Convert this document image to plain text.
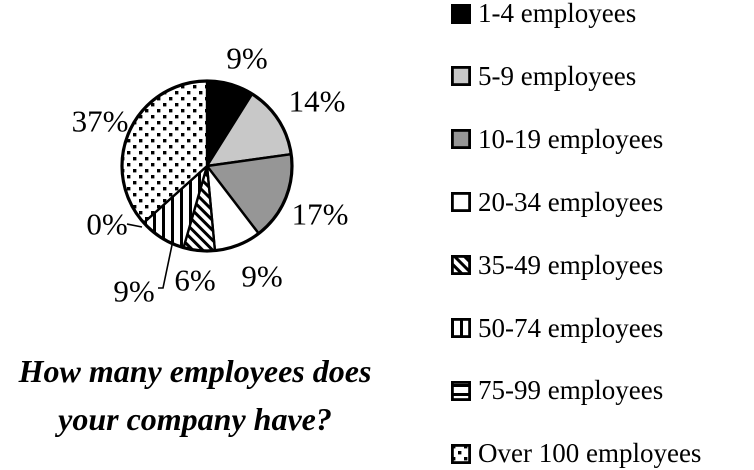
9%
14%
17%
9%
6%
9%
0%
37%
How many employees does
your company have?
1-4 employees
5-9 employees
10-19 employees
20-34 employees
35-49 employees
50-74 employees
75-99 employees
Over 100 employees
